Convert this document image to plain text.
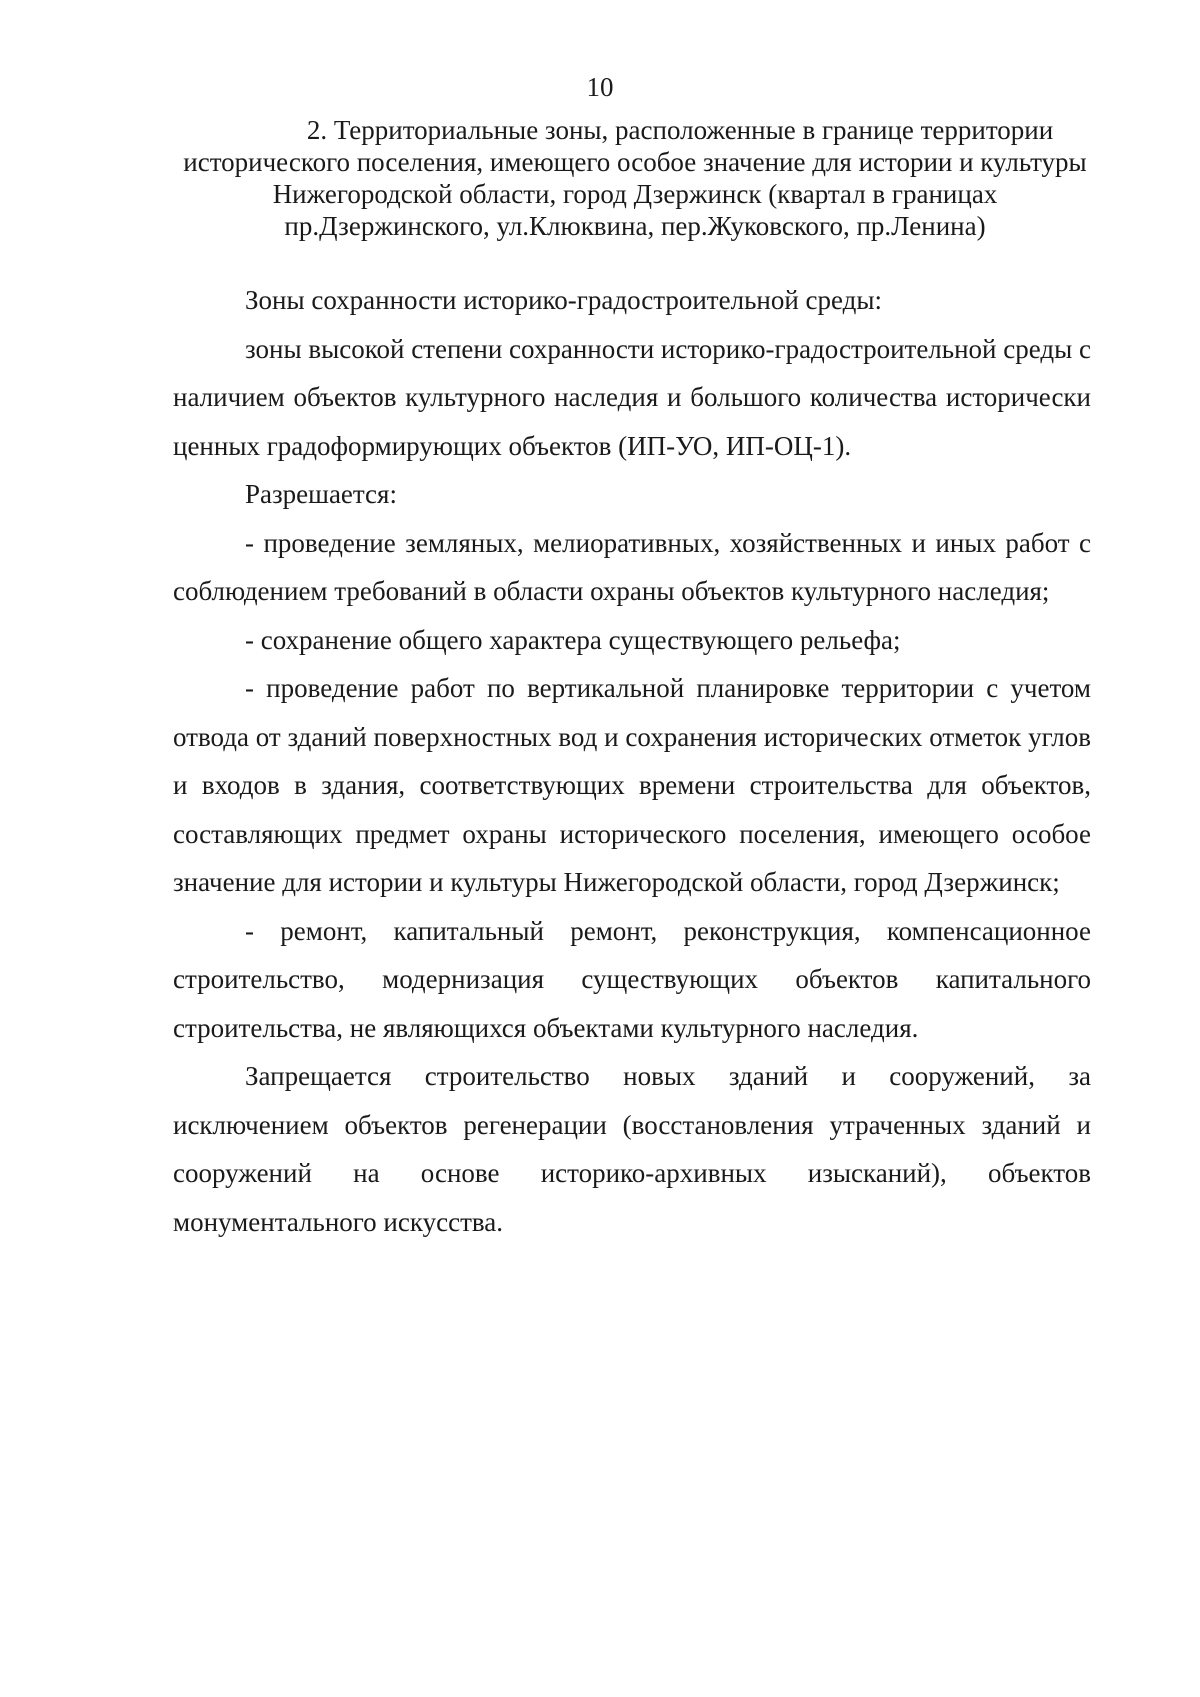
10
2. Территориальные зоны, расположенные в границе территории
исторического поселения, имеющего особое значение для истории и культуры
Нижегородской области, город Дзержинск (квартал в границах
пр.Дзержинского, ул.Клюквина, пер.Жуковского, пр.Ленина)

Зоны сохранности историко-градостроительной среды:

зоны высокой степени сохранности историко-градостроительной среды с наличием объектов культурного наследия и большого количества исторически ценных градоформирующих объектов (ИП-УО, ИП-ОЦ-1).

Разрешается:

- проведение земляных, мелиоративных, хозяйственных и иных работ с соблюдением требований в области охраны объектов культурного наследия;

- сохранение общего характера существующего рельефа;

- проведение работ по вертикальной планировке территории с учетом отвода от зданий поверхностных вод и сохранения исторических отметок углов и входов в здания, соответствующих времени строительства для объектов, составляющих предмет охраны исторического поселения, имеющего особое значение для истории и культуры Нижегородской области, город Дзержинск;

- ремонт, капитальный ремонт, реконструкция, компенсационное строительство, модернизация существующих объектов капитального строительства, не являющихся объектами культурного наследия.

Запрещается строительство новых зданий и сооружений, за исключением объектов регенерации (восстановления утраченных зданий и сооружений на основе историко-архивных изысканий), объектов монументального искусства.
